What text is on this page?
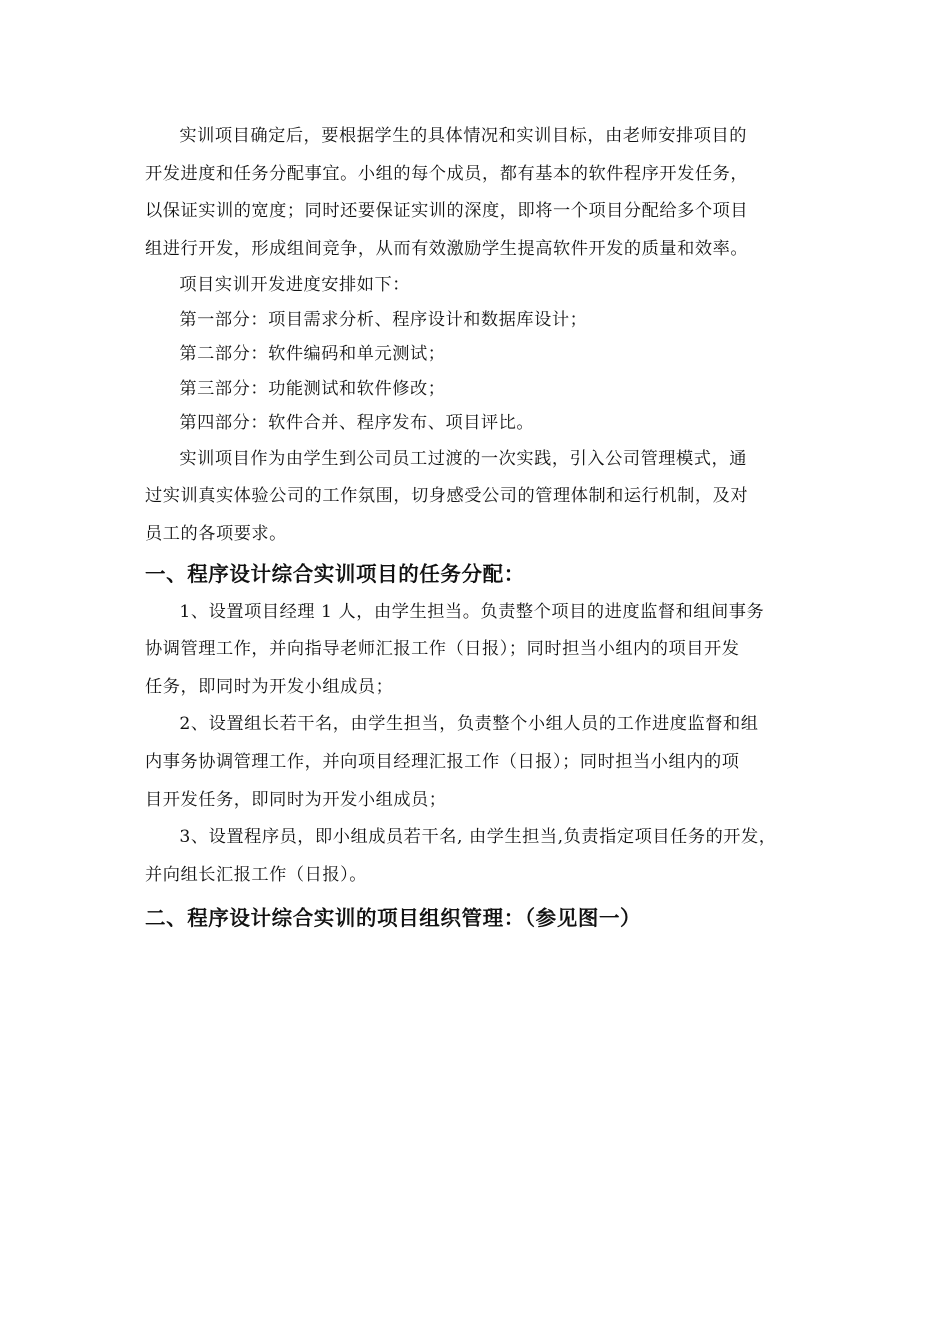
实训项目确定后，要根据学生的具体情况和实训目标，由老师安排项目的
开发进度和任务分配事宜。小组的每个成员，都有基本的软件程序开发任务，
以保证实训的宽度；同时还要保证实训的深度，即将一个项目分配给多个项目
组进行开发，形成组间竞争，从而有效激励学生提高软件开发的质量和效率。

项目实训开发进度安排如下：

第一部分：项目需求分析、程序设计和数据库设计；

第二部分：软件编码和单元测试；

第三部分：功能测试和软件修改；

第四部分：软件合并、程序发布、项目评比。

实训项目作为由学生到公司员工过渡的一次实践，引入公司管理模式，通
过实训真实体验公司的工作氛围，切身感受公司的管理体制和运行机制，及对
员工的各项要求。

一、程序设计综合实训项目的任务分配：

1、设置项目经理 1 人，由学生担当。负责整个项目的进度监督和组间事务
协调管理工作，并向指导老师汇报工作（日报）；同时担当小组内的项目开发
任务，即同时为开发小组成员；

2、设置组长若干名，由学生担当，负责整个小组人员的工作进度监督和组
内事务协调管理工作，并向项目经理汇报工作（日报）；同时担当小组内的项
目开发任务，即同时为开发小组成员；

3、设置程序员，即小组成员若干名, 由学生担当,负责指定项目任务的开发，
并向组长汇报工作（日报）。

二、程序设计综合实训的项目组织管理：（参见图一）
